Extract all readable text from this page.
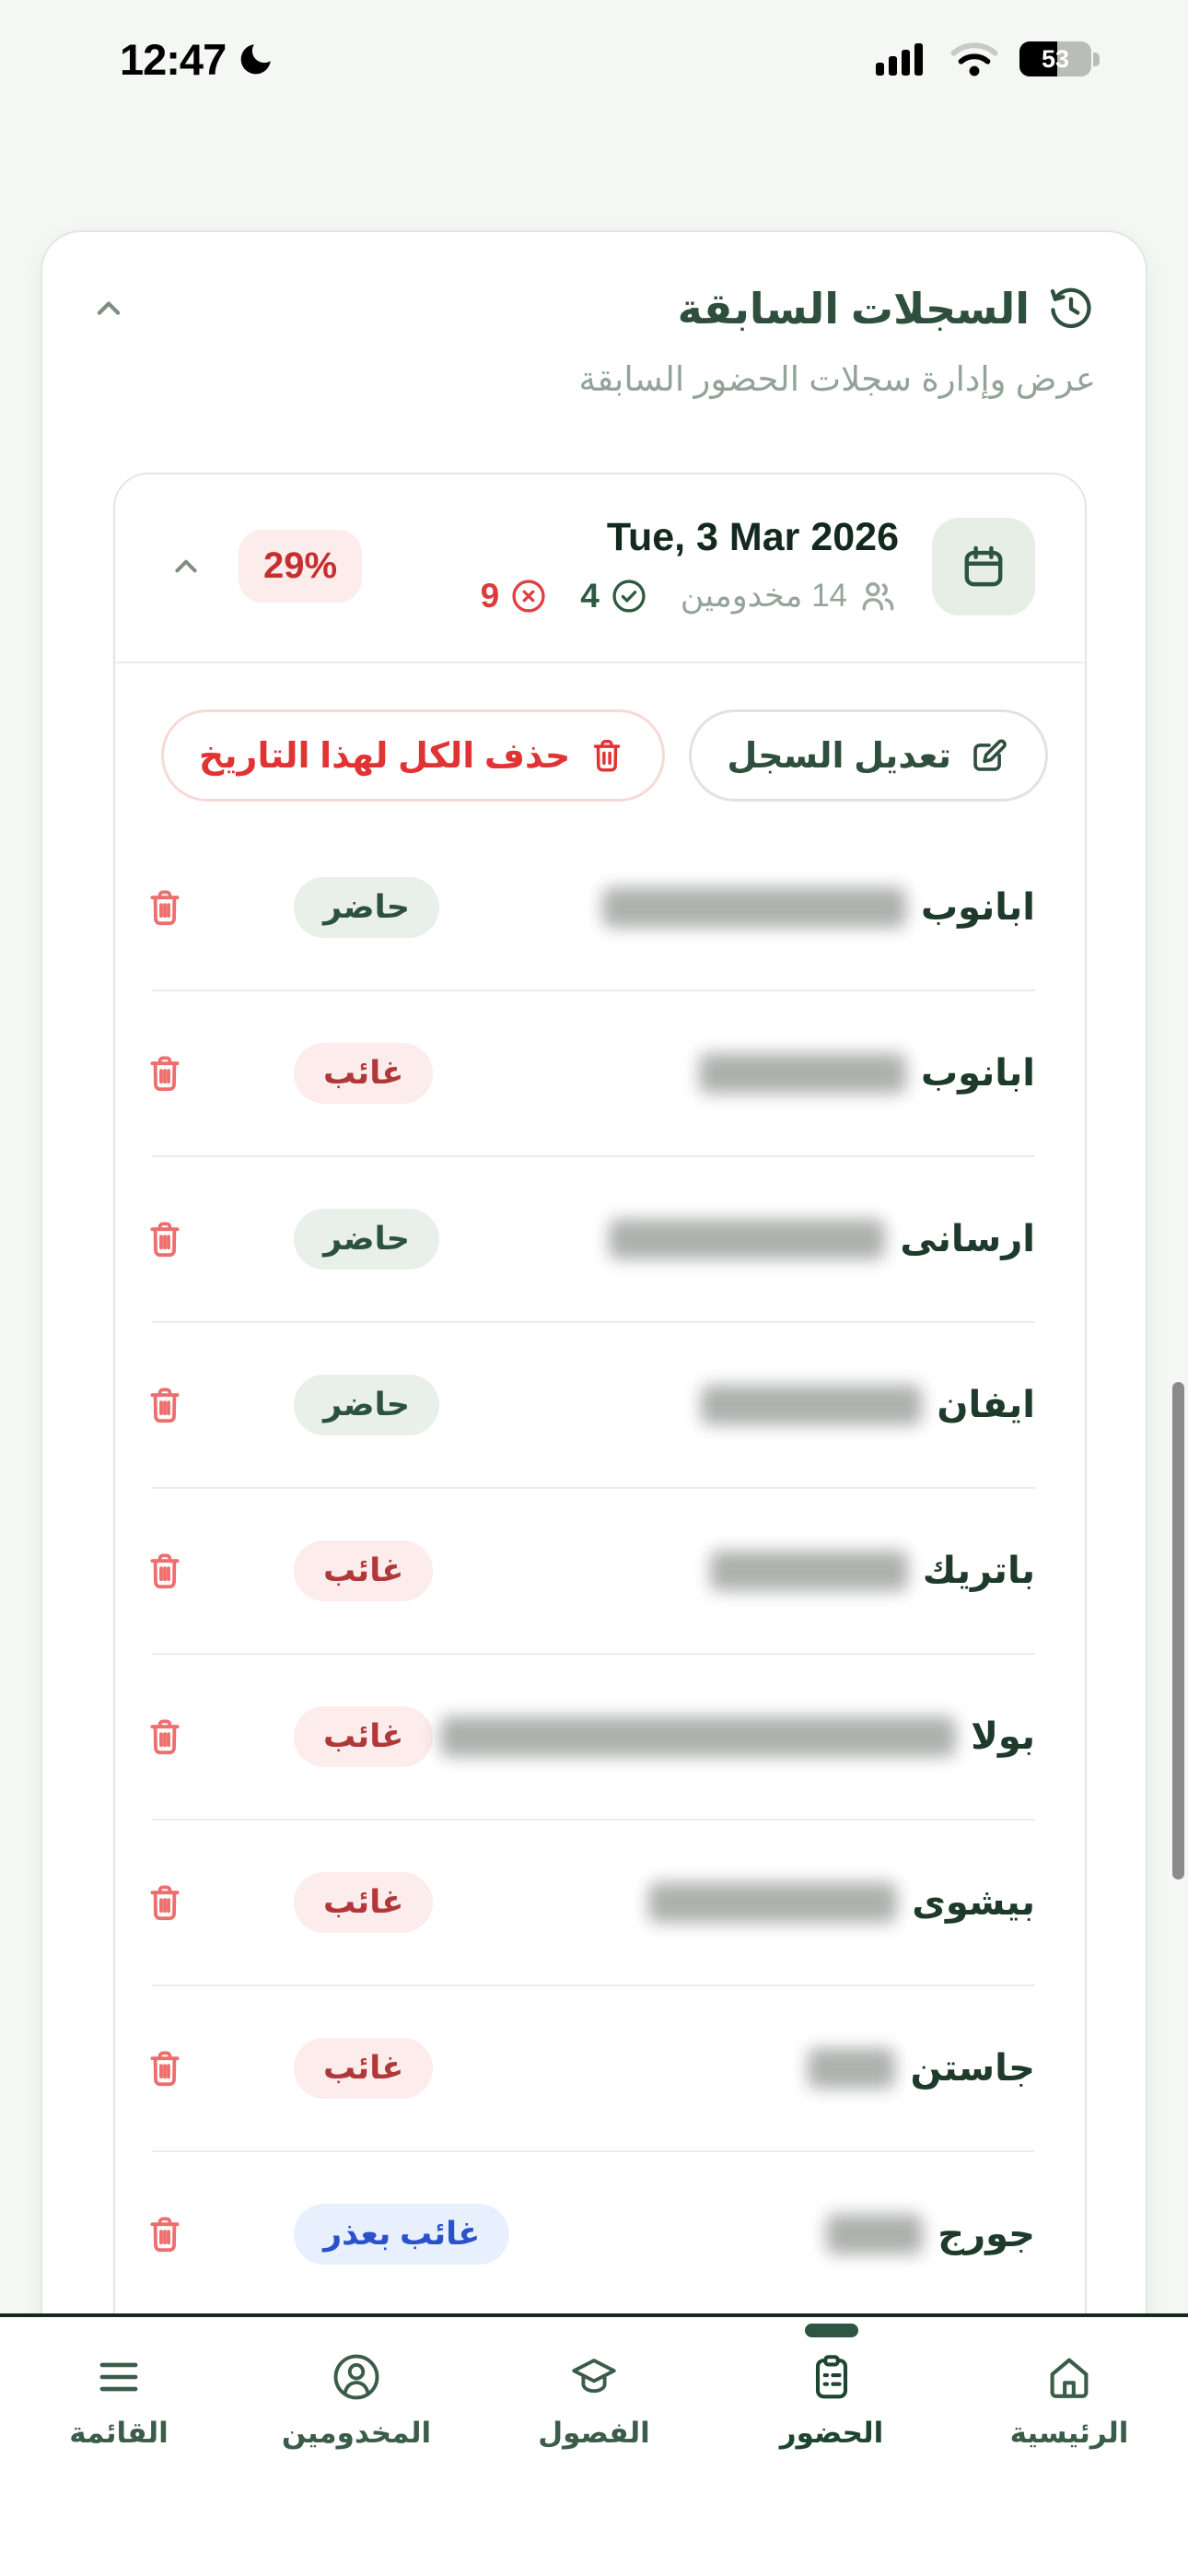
12:47	53
السجلات السابقة
عرض وإدارة سجلات الحضور السابقة
Tue, 3 Mar 2026
14 مخدومين
4
9
29%
تعديل السجل
حذف الكل لهذا التاريخ
حاضر	ابانوب
غائب	ابانوب
حاضر	ارسانى
حاضر	ايفان
غائب	باتريك
غائب	بولا
غائب	بيشوى
غائب	جاستن
غائب بعذر	جورج
القائمة	المخدومين	الفصول	الحضور	الرئيسية
